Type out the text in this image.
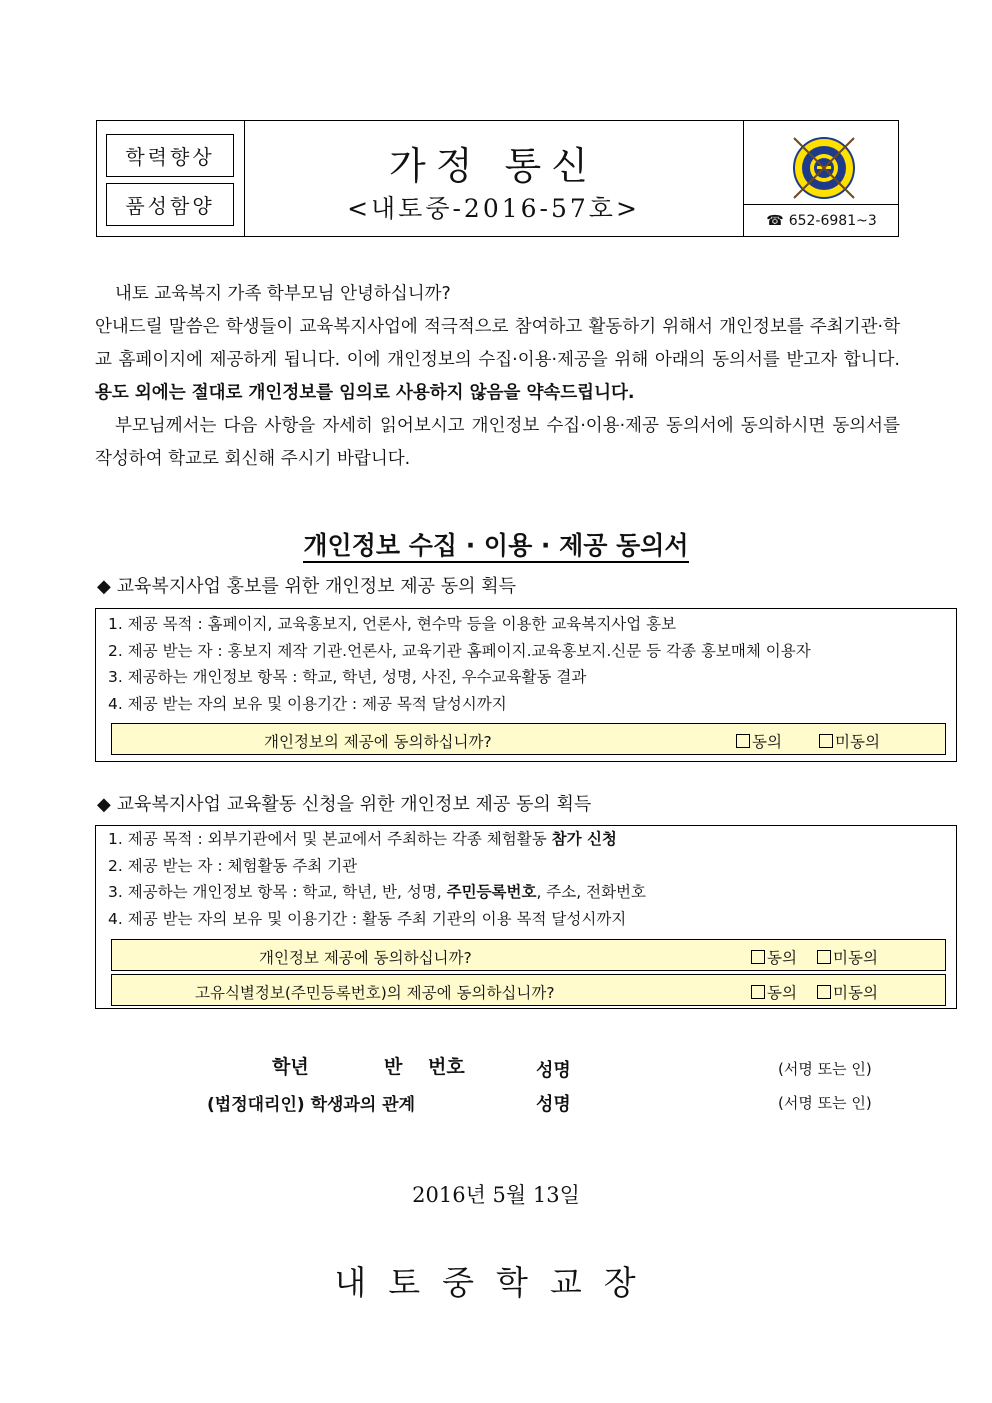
학력향상
품성함양
가정 통신
<내토중-2016-57호>	☎ 652-6981~3

내토 교육복지 가족 학부모님 안녕하십니까?

안내드릴 말씀은 학생들이 교육복지사업에 적극적으로 참여하고 활동하기 위해서 개인정보를 주최기관·학교 홈페이지에 제공하게 됩니다. 이에 개인정보의 수집·이용·제공을 위해 아래의 동의서를 받고자 합니다. 용도 외에는 절대로 개인정보를 임의로 사용하지 않음을 약속드립니다.

부모님께서는 다음 사항을 자세히 읽어보시고 개인정보 수집·이용·제공 동의서에 동의하시면 동의서를 작성하여 학교로 회신해 주시기 바랍니다.

개인정보 수집 · 이용 · 제공 동의서
◆ 교육복지사업 홍보를 위한 개인정보 제공 동의 획득
1. 제공 목적 : 홈페이지, 교육홍보지, 언론사, 현수막 등을 이용한 교육복지사업 홍보
2. 제공 받는 자 : 홍보지 제작 기관.언론사, 교육기관 홈페이지.교육홍보지.신문 등 각종 홍보매체 이용자
3. 제공하는 개인정보 항목 : 학교, 학년, 성명, 사진, 우수교육활동 결과
4. 제공 받는 자의 보유 및 이용기간 : 제공 목적 달성시까지
개인정보의 제공에 동의하십니까?	동의	미동의
◆ 교육복지사업 교육활동 신청을 위한 개인정보 제공 동의 획득
1. 제공 목적 : 외부기관에서 및 본교에서 주최하는 각종 체험활동 참가 신청
2. 제공 받는 자 : 체험활동 주최 기관
3. 제공하는 개인정보 항목 : 학교, 학년, 반, 성명, 주민등록번호, 주소, 전화번호
4. 제공 받는 자의 보유 및 이용기간 : 활동 주최 기관의 이용 목적 달성시까지
개인정보 제공에 동의하십니까?	동의	미동의
고유식별정보(주민등록번호)의 제공에 동의하십니까?	동의	미동의
학년	반 번호	성명	(서명 또는 인)
(법정대리인) 학생과의 관계	성명	(서명 또는 인)
2016년 5월 13일
내토중학교장
